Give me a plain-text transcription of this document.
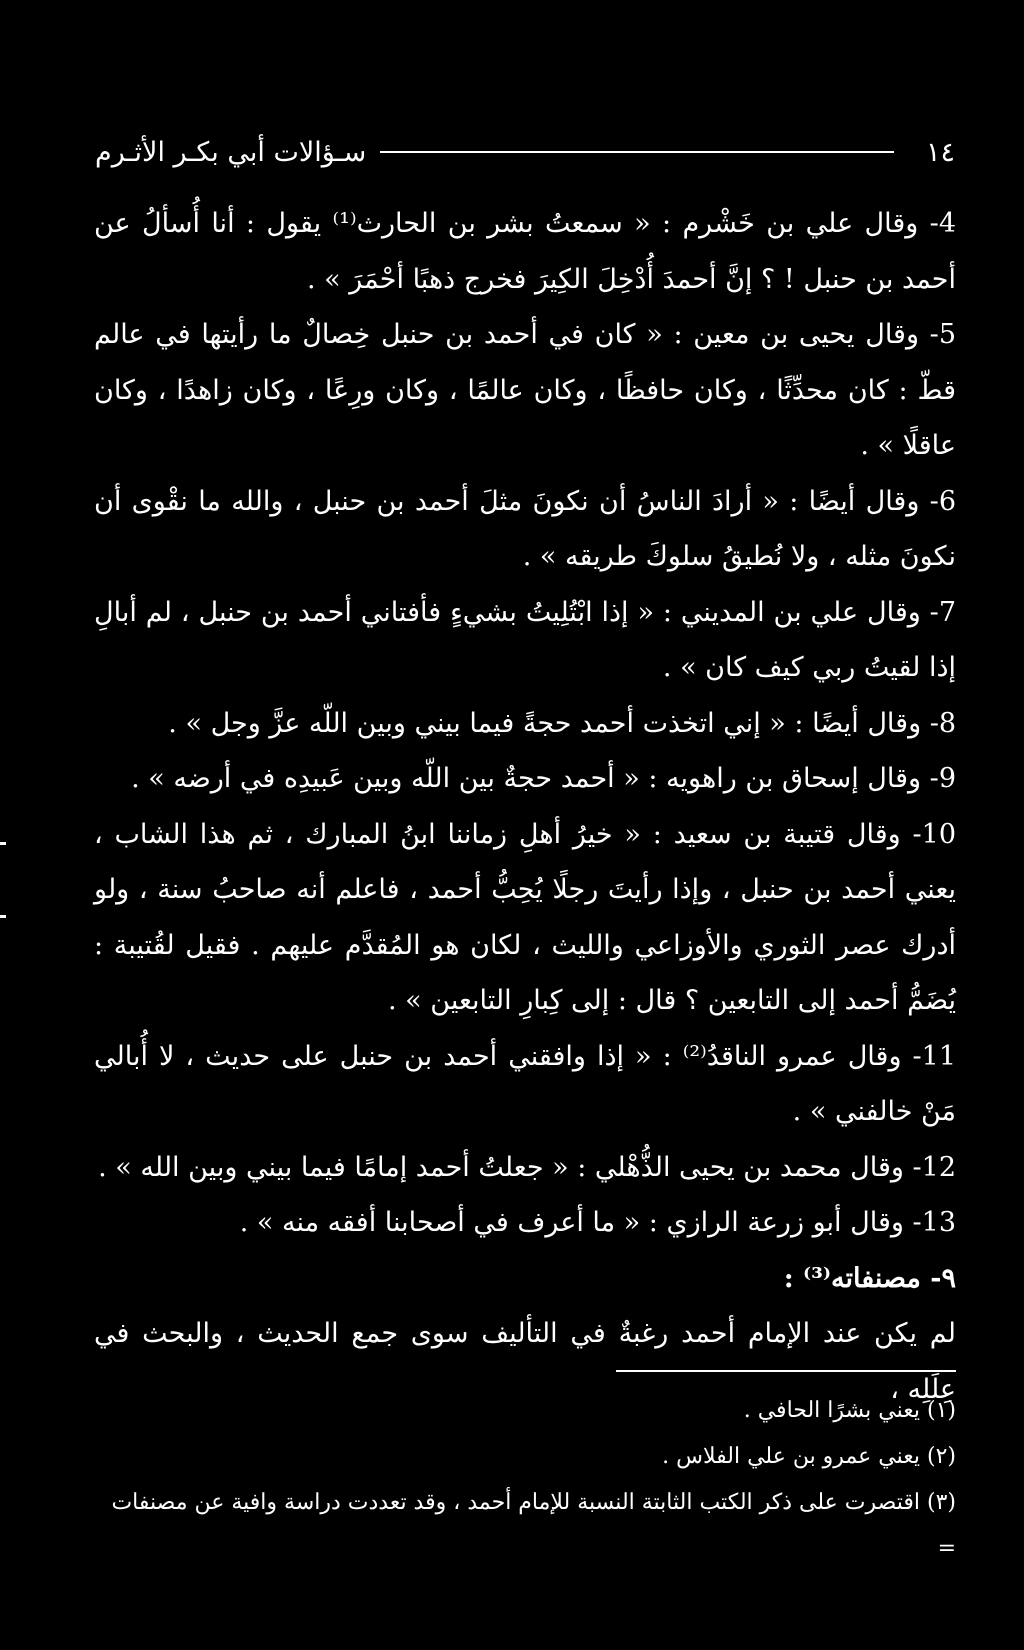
١٤
سـؤالات أبي بكـر الأثـرم

4- وقال علي بن خَشْرم : « سمعتُ بشر بن الحارث⁽¹⁾ يقول : أنا أُسألُ عن أحمد بن حنبل ! ؟ إنَّ أحمدَ أُدْخِلَ الكِيرَ فخرج ذهبًا أحْمَرَ » .

5- وقال يحيى بن معين : « كان في أحمد بن حنبل خِصالٌ ما رأيتها في عالم قطّ : كان محدِّثًا ، وكان حافظًا ، وكان عالمًا ، وكان ورِعًا ، وكان زاهدًا ، وكان عاقلًا » .

6- وقال أيضًا : « أرادَ الناسُ أن نكونَ مثلَ أحمد بن حنبل ، والله ما نقْوى أن نكونَ مثله ، ولا نُطيقُ سلوكَ طريقه » .

7- وقال علي بن المديني : « إذا ابْتُلِيتُ بشيءٍ فأفتاني أحمد بن حنبل ، لم أبالِ إذا لقيتُ ربي كيف كان » .

8- وقال أيضًا : « إني اتخذت أحمد حجةً فيما بيني وبين اللّه عزَّ وجل » .

9- وقال إسحاق بن راهويه : « أحمد حجةٌ بين اللّه وبين عَبيدِه في أرضه » .

10- وقال قتيبة بن سعيد : « خيرُ أهلِ زماننا ابنُ المبارك ، ثم هذا الشاب ، يعني أحمد بن حنبل ، وإذا رأيتَ رجلًا يُحِبُّ أحمد ، فاعلم أنه صاحبُ سنة ، ولو أدرك عصر الثوري والأوزاعي والليث ، لكان هو المُقدَّم عليهم . فقيل لقُتيبة : يُضَمُّ أحمد إلى التابعين ؟ قال : إلى كِبارِ التابعين » .

11- وقال عمرو الناقدُ⁽²⁾ : « إذا وافقني أحمد بن حنبل على حديث ، لا أُبالي مَنْ خالفني » .

12- وقال محمد بن يحيى الذُّهْلي : « جعلتُ أحمد إمامًا فيما بيني وبين الله » .

13- وقال أبو زرعة الرازي : « ما أعرف في أصحابنا أفقه منه » .

٩- مصنفاته⁽³⁾ :

لم يكن عند الإمام أحمد رغبةٌ في التأليف سوى جمع الحديث ، والبحث في عِلَلِه ،

(١) يعني بشرًا الحافي .

(٢) يعني عمرو بن علي الفلاس .

(٣) اقتصرت على ذكر الكتب الثابتة النسبة للإمام أحمد ، وقد تعددت دراسة وافية عن مصنفات =
